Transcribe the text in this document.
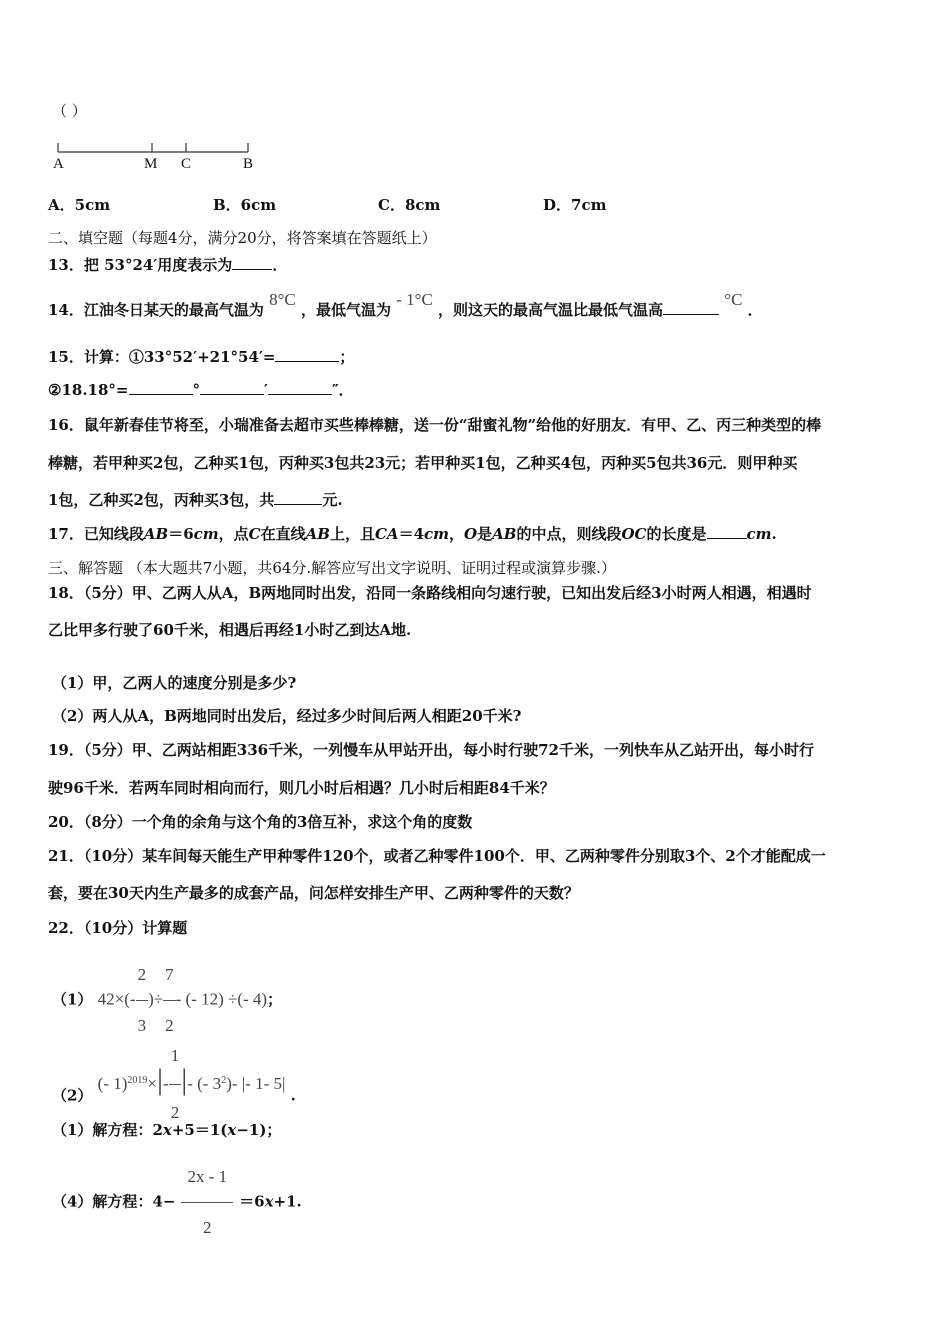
（ ）
A	M C	B
A．5cm	B．6cm	C．8cm	D．7cm
二、填空题（每题4分，满分20分，将答案填在答题纸上）
13．把 53°24′用度表示为	．
14．江油冬日某天的最高气温为 8°C ，最低气温为 - 1°C ，则这天的最高气温比最低气温高 °C ．
15．计算：①33°52′+21°54′=	；
②18.18°=	°	′	″．
16．鼠年新春佳节将至，小瑞准备去超市买些棒棒糖，送一份“甜蜜礼物”给他的好朋友．有甲、乙、丙三种类型的棒
棒糖，若甲种买2包，乙种买1包，丙种买3包共23元；若甲种买1包，乙种买4包，丙种买5包共36元．则甲种买
1包，乙种买2包，丙种买3包，共	元.
17．已知线段AB＝6cm，点C在直线AB上，且CA＝4cm，O是AB的中点，则线段OC的长度是	cm.
三、解答题 （本大题共7小题，共64分.解答应写出文字说明、证明过程或演算步骤.）
18．（5分）甲、乙两人从A，B两地同时出发，沿同一条路线相向匀速行驶，已知出发后经3小时两人相遇，相遇时
乙比甲多行驶了60千米，相遇后再经1小时乙到达A地.
（1）甲，乙两人的速度分别是多少?
（2）两人从A，B两地同时出发后，经过多少时间后两人相距20千米?
19．（5分）甲、乙两站相距336千米，一列慢车从甲站开出，每小时行驶72千米，一列快车从乙站开出，每小时行
驶96千米．若两车同时相向而行，则几小时后相遇？几小时后相距84千米？
20．（8分）一个角的余角与这个角的3倍互补，求这个角的度数
21．（10分）某车间每天能生产甲种零件120个，或者乙种零件100个．甲、乙两种零件分别取3个、2个才能配成一
套，要在30天内生产最多的成套产品，问怎样安排生产甲、乙两种零件的天数？
22．（10分）计算题
（1） $42\times(- \frac{2}{3}$ )÷ $\frac{7}{2}$ - (- 12) ÷(- 4)；
（2） (- $1)^{2019}\times|- \frac{1}{2}$ |- (- $3^2)-$ |- 1- 5| .
（1）解方程：2x+5＝1(x−1)；
（4）解方程：$4- \frac{2x - 1}{2} =6x+1$.
